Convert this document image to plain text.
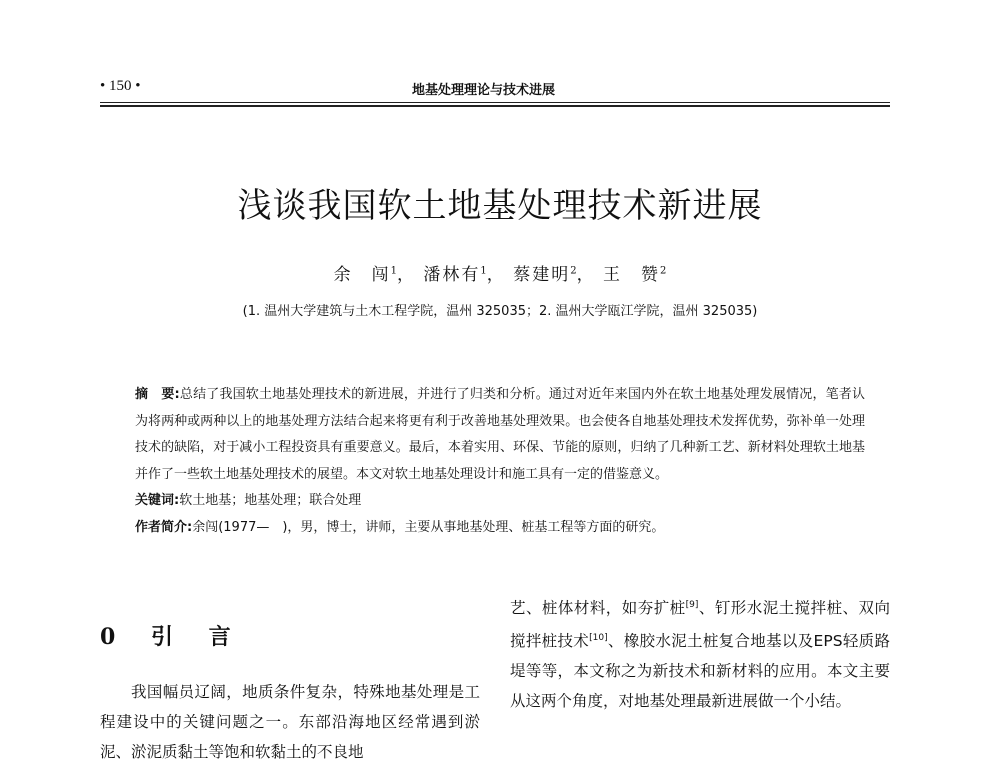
• 150 •	地基处理理论与技术进展
浅谈我国软土地基处理技术新进展
余　闯$^1$， 潘林有$^1$， 蔡建明$^2$， 王　赞$^2$
(1. 温州大学建筑与土木工程学院，温州 325035；2. 温州大学瓯江学院，温州 325035)

摘　要:总结了我国软土地基处理技术的新进展，并进行了归类和分析。通过对近年来国内外在软土地基处理发展情况，笔者认为将两种或两种以上的地基处理方法结合起来将更有利于改善地基处理效果。也会使各自地基处理技术发挥优势，弥补单一处理技术的缺陷，对于减小工程投资具有重要意义。最后，本着实用、环保、节能的原则，归纳了几种新工艺、新材料处理软土地基并作了一些软土地基处理技术的展望。本文对软土地基处理设计和施工具有一定的借鉴意义。

关键词:软土地基；地基处理；联合处理

作者简介:余闯(1977—　)，男，博士，讲师，主要从事地基处理、桩基工程等方面的研究。

0 引 言

我国幅员辽阔，地质条件复杂，特殊地基处理是工程建设中的关键问题之一。东部沿海地区经常遇到淤泥、淤泥质黏土等饱和软黏土的不良地

艺、桩体材料，如夯扩桩[9]、钉形水泥土搅拌桩、双向搅拌桩技术[10]、橡胶水泥土桩复合地基以及EPS轻质路堤等等，本文称之为新技术和新材料的应用。本文主要从这两个角度，对地基处理最新进展做一个小结。
